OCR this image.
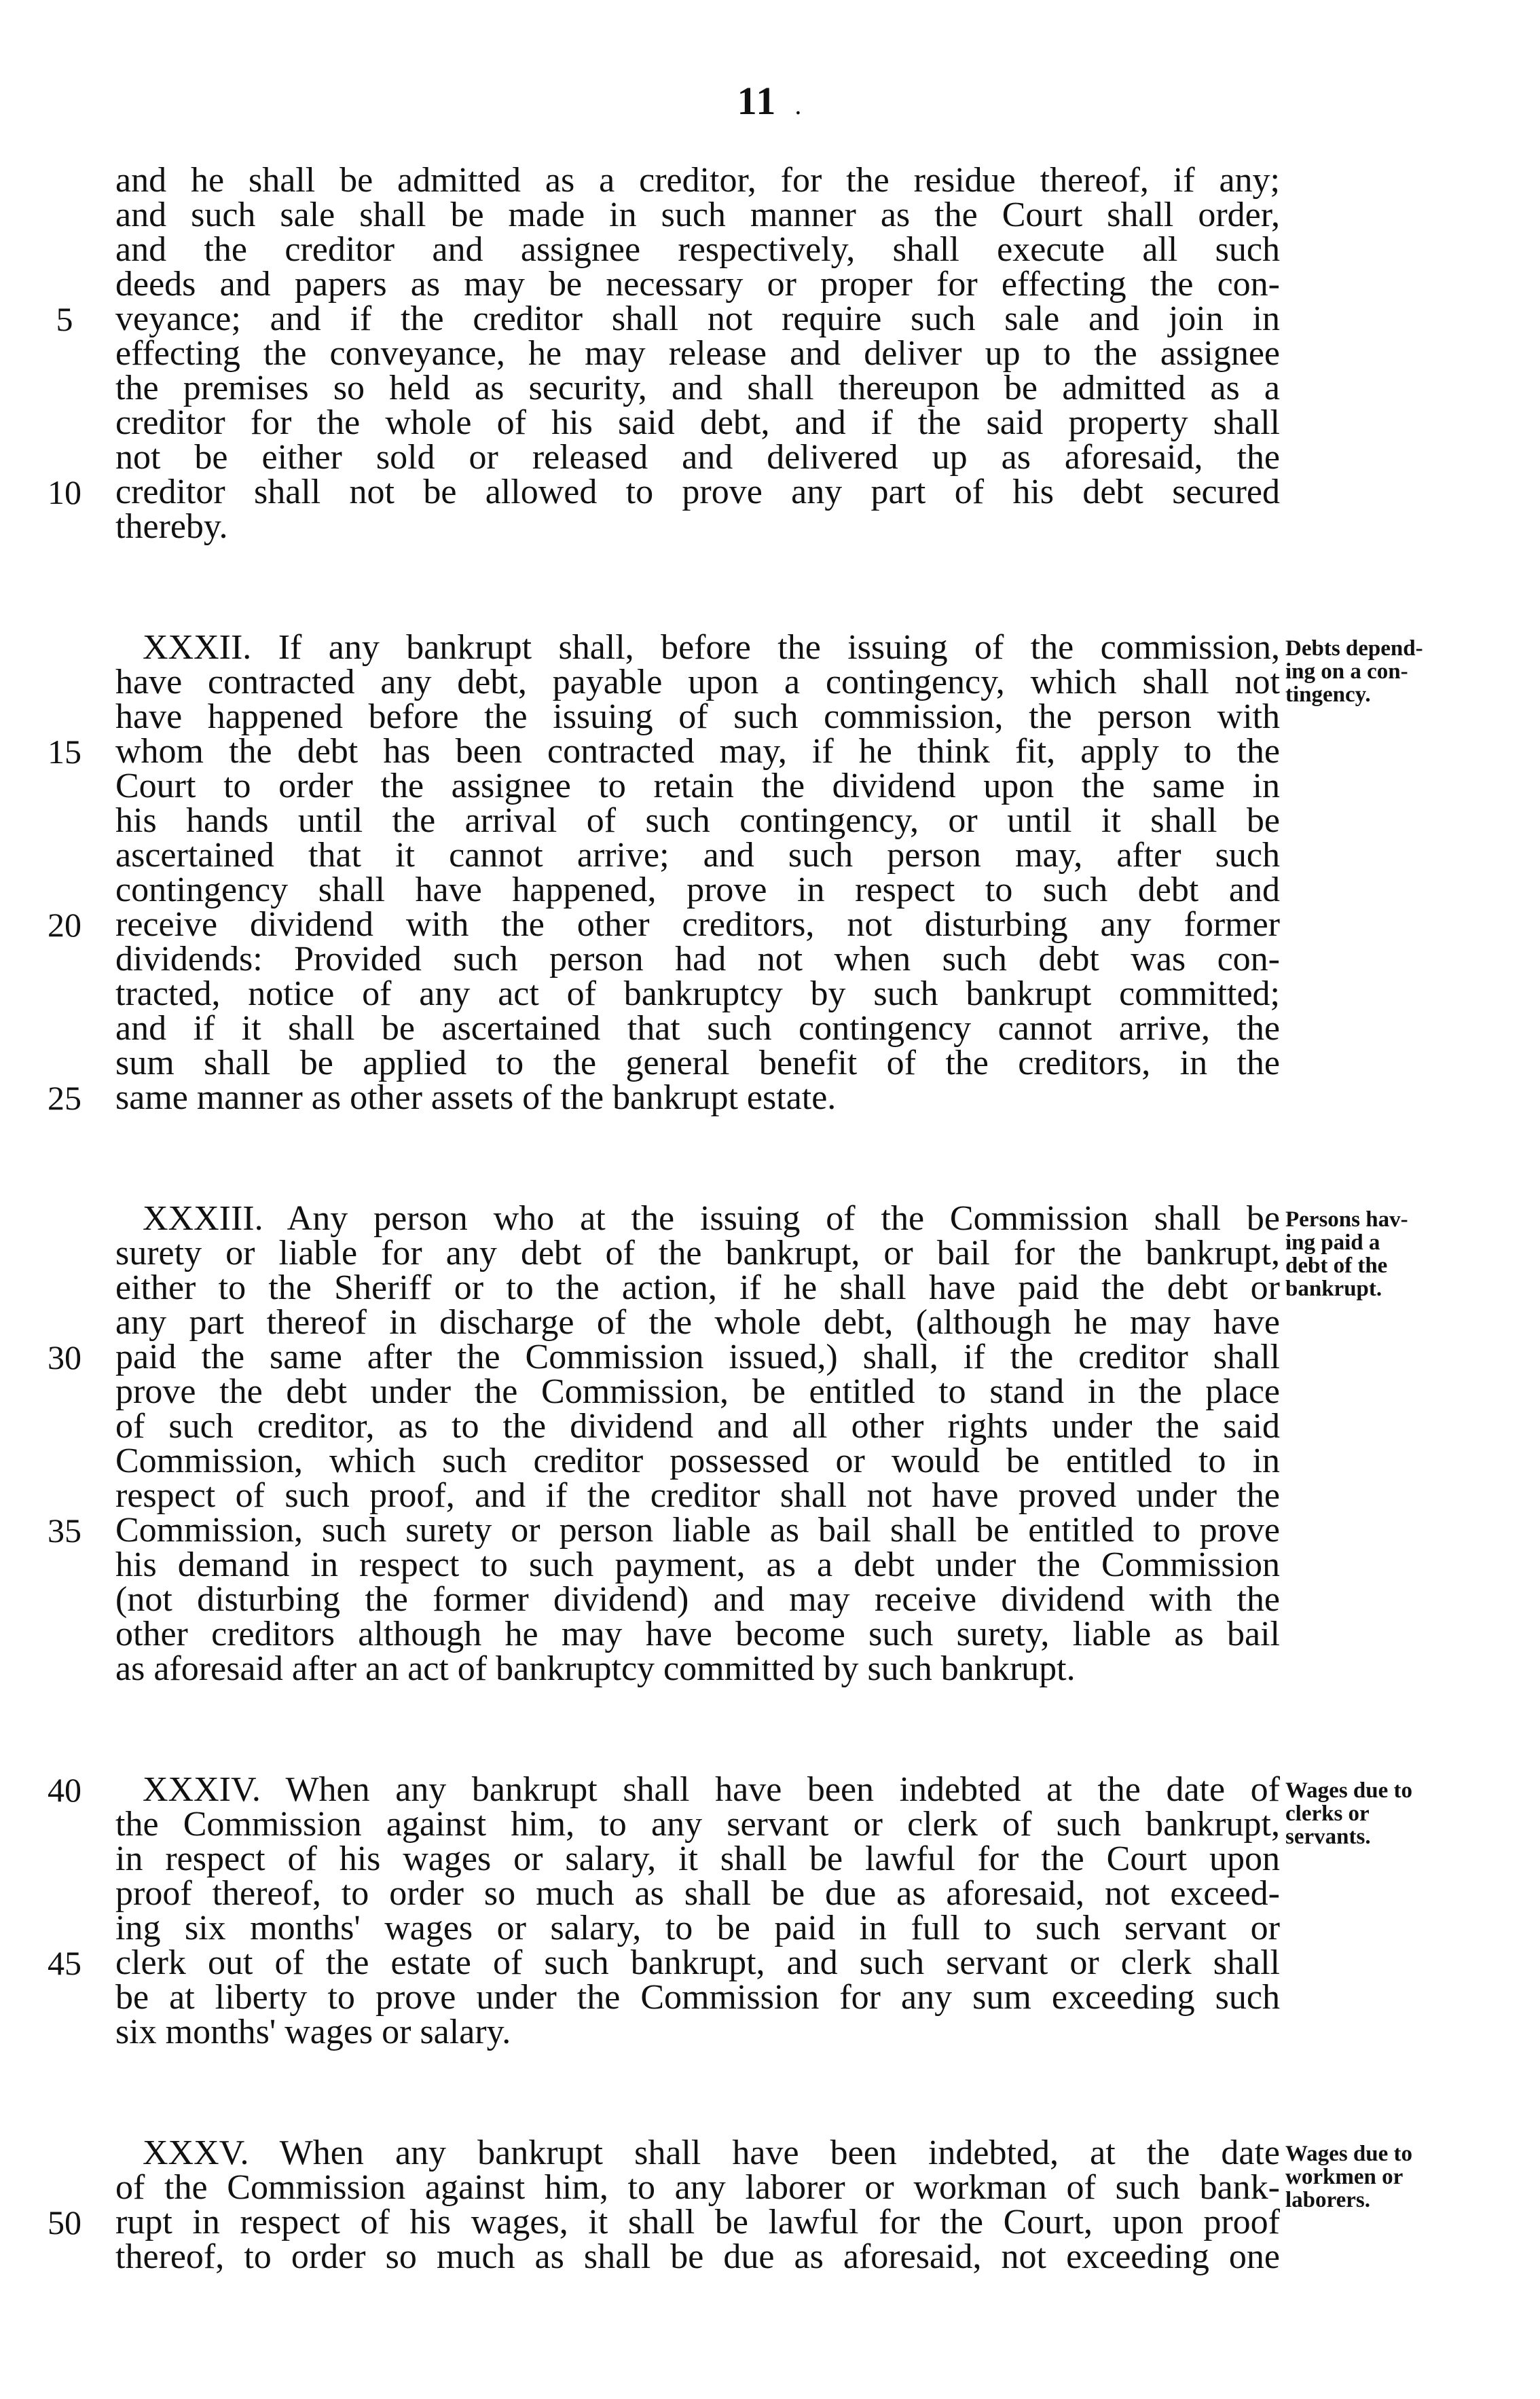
11 .
and he shall be admitted as a creditor, for the residue thereof, if any;
and such sale shall be made in such manner as the Court shall order,
and the creditor and assignee respectively, shall execute all such
deeds and papers as may be necessary or proper for effecting the con-
veyance; and if the creditor shall not require such sale and join in
effecting the conveyance, he may release and deliver up to the assignee
the premises so held as security, and shall thereupon be admitted as a
creditor for the whole of his said debt, and if the said property shall
not be either sold or released and delivered up as aforesaid, the
creditor shall not be allowed to prove any part of his debt secured
thereby.
XXXII. If any bankrupt shall, before the issuing of the commission,
have contracted any debt, payable upon a contingency, which shall not
have happened before the issuing of such commission, the person with
whom the debt has been contracted may, if he think fit, apply to the
Court to order the assignee to retain the dividend upon the same in
his hands until the arrival of such contingency, or until it shall be
ascertained that it cannot arrive; and such person may, after such
contingency shall have happened, prove in respect to such debt and
receive dividend with the other creditors, not disturbing any former
dividends: Provided such person had not when such debt was con-
tracted, notice of any act of bankruptcy by such bankrupt committed;
and if it shall be ascertained that such contingency cannot arrive, the
sum shall be applied to the general benefit of the creditors, in the
same manner as other assets of the bankrupt estate.
XXXIII. Any person who at the issuing of the Commission shall be
surety or liable for any debt of the bankrupt, or bail for the bankrupt,
either to the Sheriff or to the action, if he shall have paid the debt or
any part thereof in discharge of the whole debt, (although he may have
paid the same after the Commission issued,) shall, if the creditor shall
prove the debt under the Commission, be entitled to stand in the place
of such creditor, as to the dividend and all other rights under the said
Commission, which such creditor possessed or would be entitled to in
respect of such proof, and if the creditor shall not have proved under the
Commission, such surety or person liable as bail shall be entitled to prove
his demand in respect to such payment, as a debt under the Commission
(not disturbing the former dividend) and may receive dividend with the
other creditors although he may have become such surety, liable as bail
as aforesaid after an act of bankruptcy committed by such bankrupt.
XXXIV. When any bankrupt shall have been indebted at the date of
the Commission against him, to any servant or clerk of such bankrupt,
in respect of his wages or salary, it shall be lawful for the Court upon
proof thereof, to order so much as shall be due as aforesaid, not exceed-
ing six months' wages or salary, to be paid in full to such servant or
clerk out of the estate of such bankrupt, and such servant or clerk shall
be at liberty to prove under the Commission for any sum exceeding such
six months' wages or salary.
XXXV. When any bankrupt shall have been indebted, at the date
of the Commission against him, to any laborer or workman of such bank-
rupt in respect of his wages, it shall be lawful for the Court, upon proof
thereof, to order so much as shall be due as aforesaid, not exceeding one
5
10
15
20
25
30
35
40
45
50
Debts depend-
ing on a con-
tingency.
Persons hav-
ing paid a
debt of the
bankrupt.
Wages due to
clerks or
servants.
Wages due to
workmen or
laborers.
